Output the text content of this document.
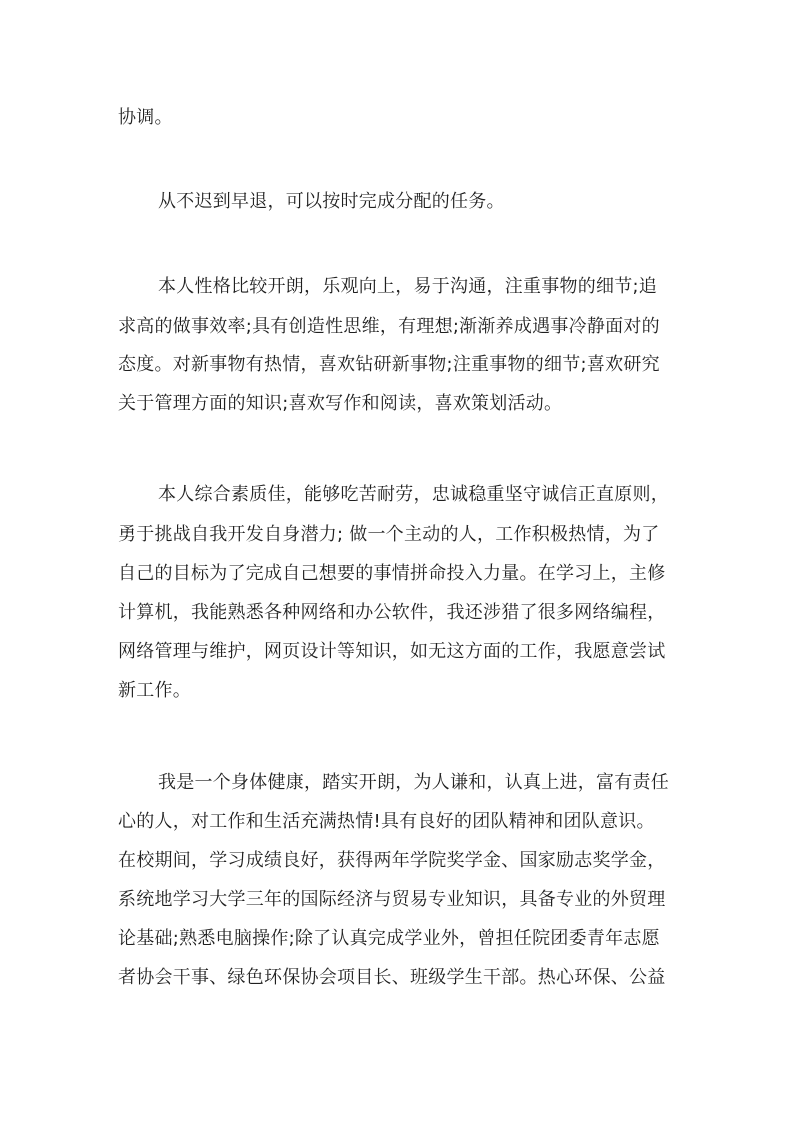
协调。

从不迟到早退，可以按时完成分配的任务。

本人性格比较开朗，乐观向上，易于沟通，注重事物的细节;追

求高的做事效率;具有创造性思维，有理想;渐渐养成遇事冷静面对的

态度。对新事物有热情，喜欢钻研新事物;注重事物的细节;喜欢研究

关于管理方面的知识;喜欢写作和阅读，喜欢策划活动。

本人综合素质佳，能够吃苦耐劳，忠诚稳重坚守诚信正直原则，

勇于挑战自我开发自身潜力; 做一个主动的人，工作积极热情，为了

自己的目标为了完成自己想要的事情拼命投入力量。在学习上，主修

计算机，我能熟悉各种网络和办公软件，我还涉猎了很多网络编程，

网络管理与维护，网页设计等知识，如无这方面的工作，我愿意尝试

新工作。

我是一个身体健康，踏实开朗，为人谦和，认真上进，富有责任

心的人，对工作和生活充满热情!具有良好的团队精神和团队意识。

在校期间，学习成绩良好，获得两年学院奖学金、国家励志奖学金，

系统地学习大学三年的国际经济与贸易专业知识，具备专业的外贸理

论基础;熟悉电脑操作;除了认真完成学业外，曾担任院团委青年志愿

者协会干事、绿色环保协会项目长、班级学生干部。热心环保、公益
